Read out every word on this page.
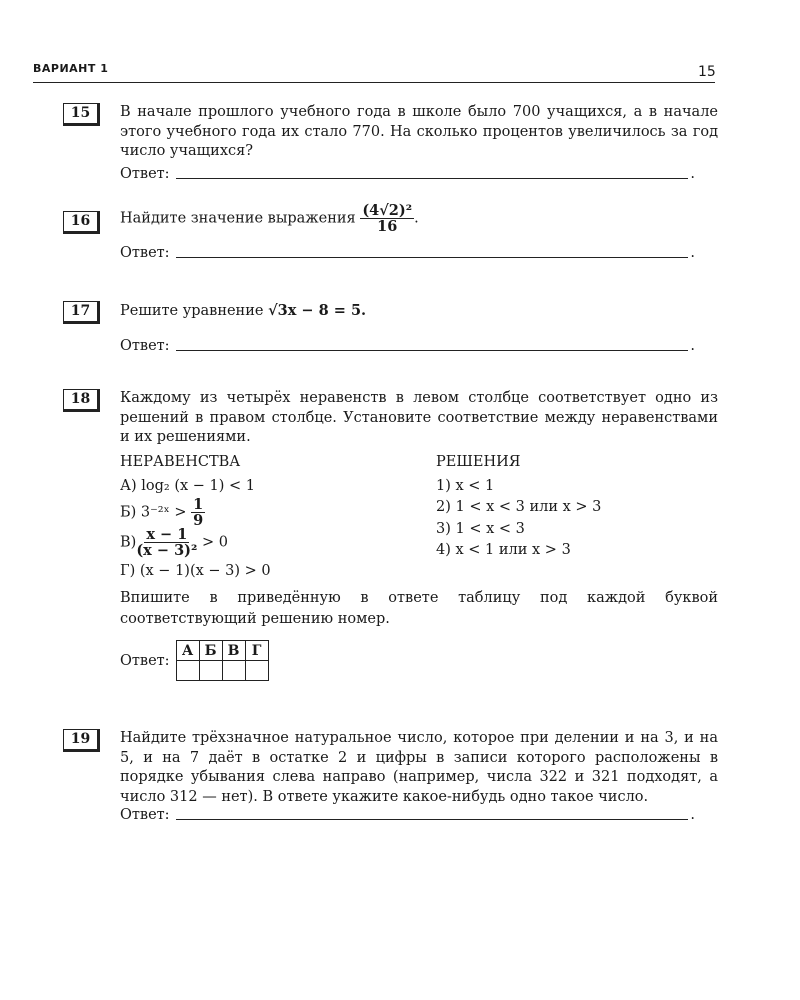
ВАРИАНТ 1	15
15	В начале прошлого учебного года в школе было 700 учащихся, а в начале этого учебного года их стало 770. На сколько процентов увеличилось за год число учащихся?
Ответ:	.
16	Найдите значение выражения $\frac{\text{(4√2)²}}{16}$ .
Ответ:	.
17	Решите уравнение √3x − 8 = 5.
Ответ:	.
18	Каждому из четырёх неравенств в левом столбце соответствует одно из решений в правом столбце. Установите соответствие между неравенствами и их решениями.
НЕРАВЕНСТВА
А) log₂ (x − 1) < 1
Б) 3⁻²ˣ > $\frac{1}{9}$
$В) \frac{x - 1}{\text{(x − 3)²}} > 0$
Г) (x − 1)(x − 3) > 0
РЕШЕНИЯ
1) x < 1
2) 1 < x < 3 или x > 3
3) 1 < x < 3
4) x < 1 или x > 3
Впишите в приведённую в ответе таблицу под каждой буквой соответствующий решению номер.
Ответ:
А	Б	В	Г

19	Найдите трёхзначное натуральное число, которое при делении и на 3, и на 5, и на 7 даёт в остатке 2 и цифры в записи которого расположены в порядке убывания слева направо (например, числа 322 и 321 подходят, а число 312 — нет). В ответе укажите какое-нибудь одно такое число.
Ответ:	.
